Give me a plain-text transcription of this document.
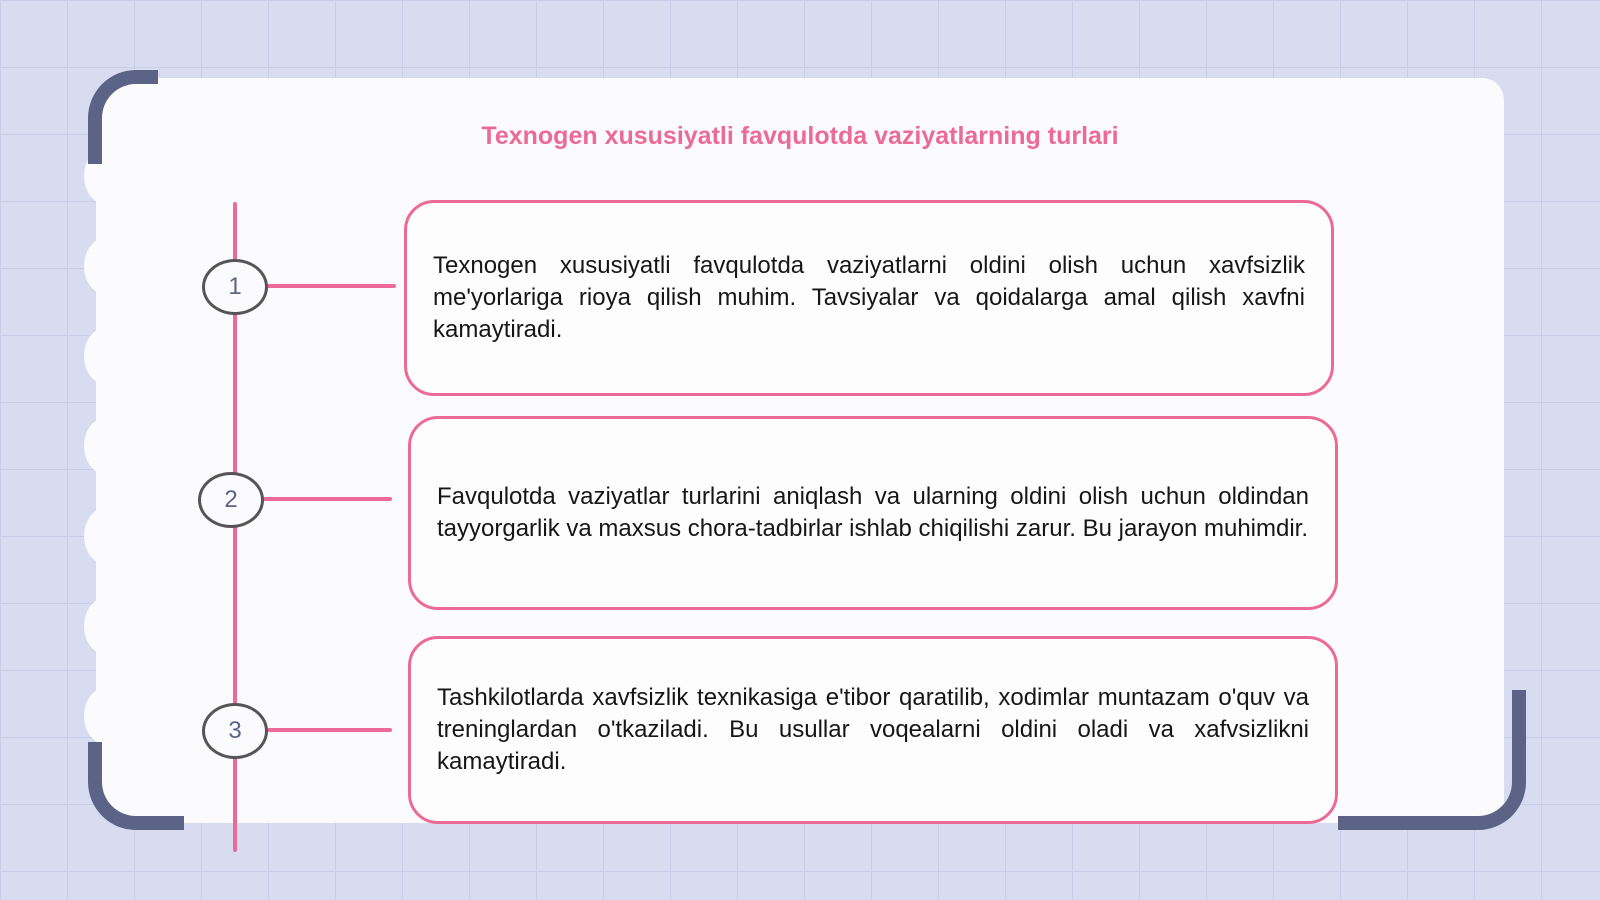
Texnogen xususiyatli favqulotda vaziyatlarning turlari
1
Texnogen xususiyatli favqulotda vaziyatlarni oldini olish uchun xavfsizlik me'yorlariga rioya qilish muhim. Tavsiyalar va qoidalarga amal qilish xavfni kamaytiradi.
2	Favqulotda vaziyatlar turlarini aniqlash va ularning oldini olish uchun oldindan tayyorgarlik va maxsus chora-tadbirlar ishlab chiqilishi zarur. Bu jarayon muhimdir.
3
Tashkilotlarda xavfsizlik texnikasiga e'tibor qaratilib, xodimlar muntazam o'quv va treninglardan o'tkaziladi. Bu usullar voqealarni oldini oladi va xafvsizlikni kamaytiradi.
